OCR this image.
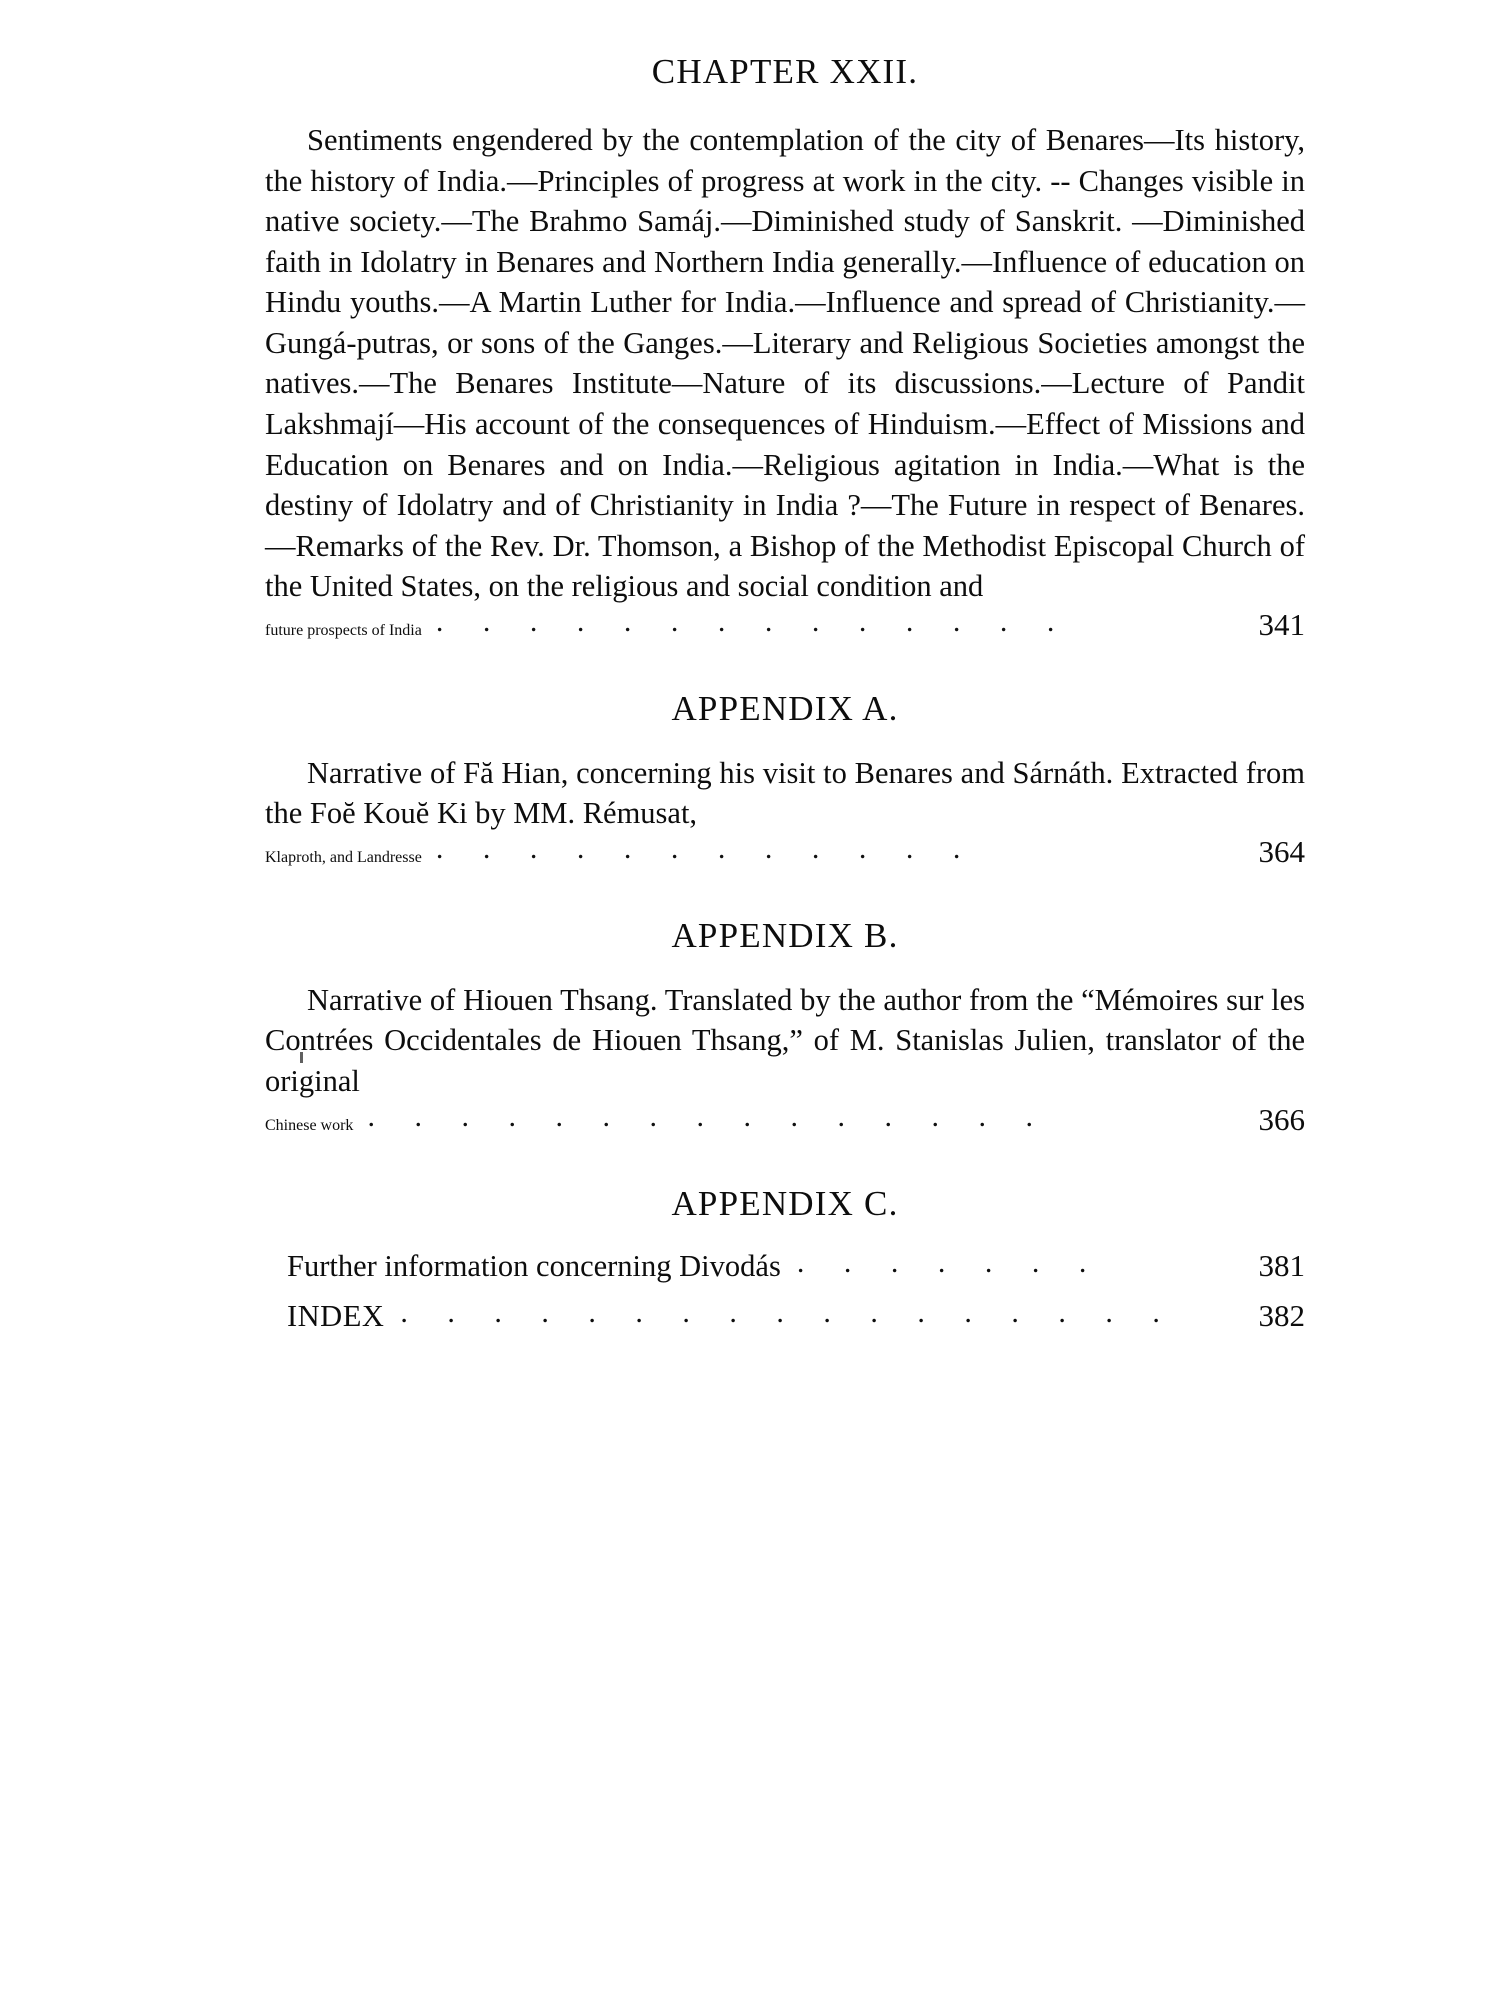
CHAPTER XXII.
Sentiments engendered by the contemplation of the city of Benares—Its history, the history of India.—Principles of progress at work in the city. -- Changes visible in native society.—The Brahmo Samáj.—Diminished study of Sanskrit. —Diminished faith in Idolatry in Benares and Northern India generally.—Influence of education on Hindu youths.—A Martin Luther for India.—Influence and spread of Christianity.— Gungá-putras, or sons of the Ganges.—Literary and Religious Societies amongst the natives.—The Benares Institute—Nature of its discussions.—Lecture of Pandit Lakshmají—His account of the consequences of Hinduism.—Effect of Missions and Education on Benares and on India.—Religious agitation in India.—What is the destiny of Idolatry and of Christianity in India ?—The Future in respect of Benares.—Remarks of the Rev. Dr. Thomson, a Bishop of the Methodist Episcopal Church of the United States, on the religious and social condition and
future prospects of India . . . . . . . . . . . . . .	341
APPENDIX A.
Narrative of Fă Hian, concerning his visit to Benares and Sárnáth. Extracted from the Foĕ Kouĕ Ki by MM. Rémusat,
Klaproth, and Landresse . . . . . . . . . . . .	364
APPENDIX B.
Narrative of Hiouen Thsang. Translated by the author from the “Mémoires sur les Contrées Occidentales de Hiouen Thsang,” of M. Stanislas Julien, translator of the original
Chinese work . . . . . . . . . . . . . . .	366
APPENDIX C.
Further information concerning Divodás . . . . . . .	381
INDEX . . . . . . . . . . . . . . . . .	382
